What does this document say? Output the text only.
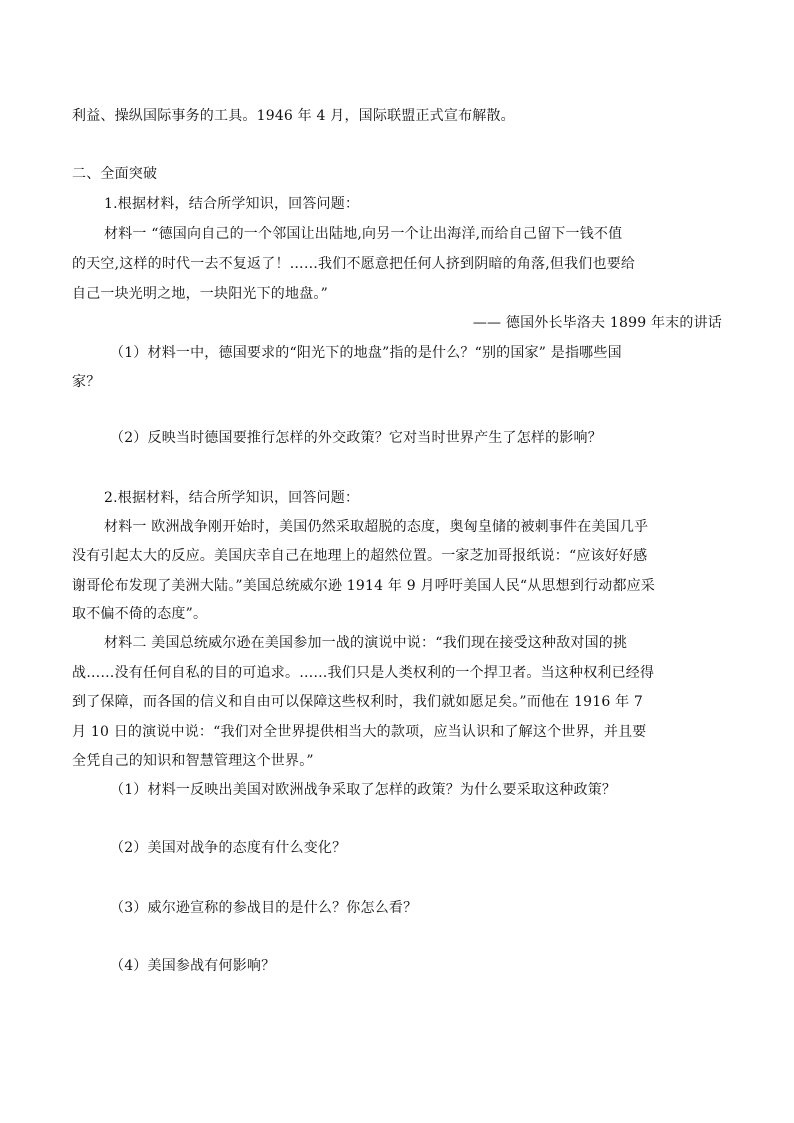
利益、操纵国际事务的工具。1946 年 4 月，国际联盟正式宣布解散。
二、全面突破
1.根据材料，结合所学知识，回答问题：
材料一 “德国向自己的一个邻国让出陆地,向另一个让出海洋,而给自己留下一钱不值
的天空,这样的时代一去不复返了！……我们不愿意把任何人挤到阴暗的角落,但我们也要给
自己一块光明之地，一块阳光下的地盘。”
—— 德国外长毕洛夫 1899 年末的讲话
（1）材料一中，德国要求的“阳光下的地盘”指的是什么？“别的国家” 是指哪些国
家？
（2）反映当时德国要推行怎样的外交政策？它对当时世界产生了怎样的影响？
2.根据材料，结合所学知识，回答问题：
材料一 欧洲战争刚开始时，美国仍然采取超脱的态度，奥匈皇储的被刺事件在美国几乎
没有引起太大的反应。美国庆幸自己在地理上的超然位置。一家芝加哥报纸说：“应该好好感
谢哥伦布发现了美洲大陆。”美国总统威尔逊 1914 年 9 月呼吁美国人民“从思想到行动都应采
取不偏不倚的态度”。
材料二 美国总统威尔逊在美国参加一战的演说中说：“我们现在接受这种敌对国的挑
战……没有任何自私的目的可追求。……我们只是人类权利的一个捍卫者。当这种权利已经得
到了保障，而各国的信义和自由可以保障这些权利时，我们就如愿足矣。”而他在 1916 年 7
月 10 日的演说中说：“我们对全世界提供相当大的款项，应当认识和了解这个世界，并且要
全凭自己的知识和智慧管理这个世界。”
（1）材料一反映出美国对欧洲战争采取了怎样的政策？为什么要采取这种政策？
（2）美国对战争的态度有什么变化？
（3）威尔逊宣称的参战目的是什么？你怎么看？
（4）美国参战有何影响？
